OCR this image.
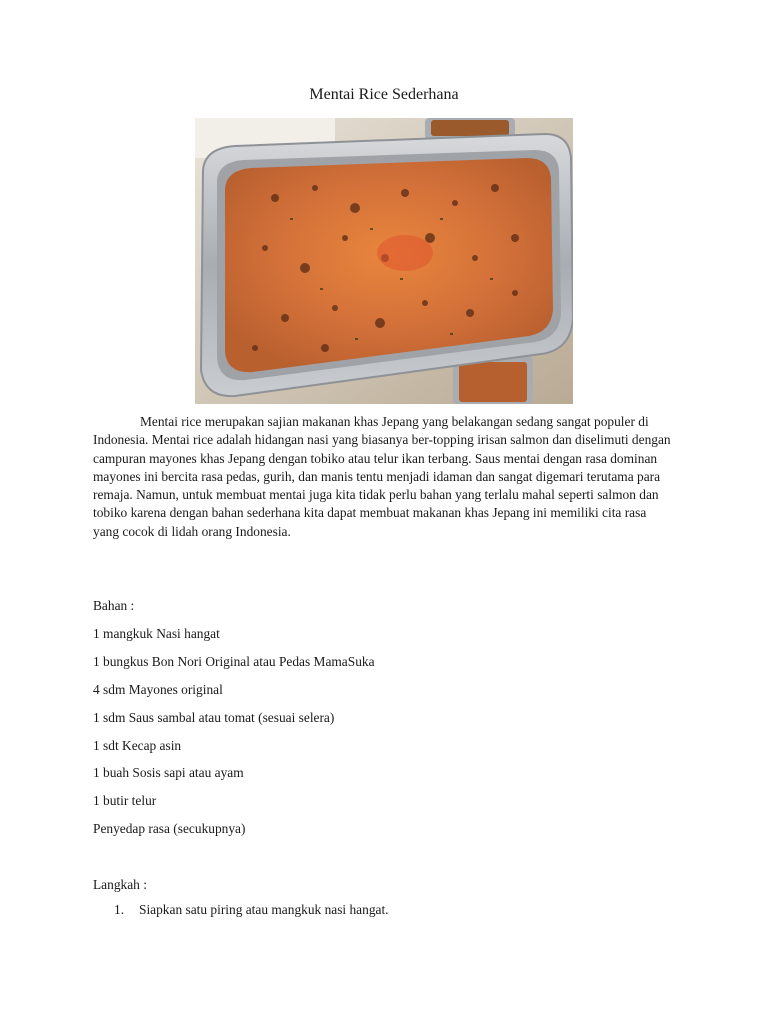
Mentai Rice Sederhana

Mentai rice merupakan sajian makanan khas Jepang yang belakangan sedang sangat populer di Indonesia. Mentai rice adalah hidangan nasi yang biasanya ber-topping irisan salmon dan diselimuti dengan campuran mayones khas Jepang dengan tobiko atau telur ikan terbang. Saus mentai dengan rasa dominan mayones ini bercita rasa pedas, gurih, dan manis tentu menjadi idaman dan sangat digemari terutama para remaja. Namun, untuk membuat mentai juga kita tidak perlu bahan yang terlalu mahal seperti salmon dan tobiko karena dengan bahan sederhana kita dapat membuat makanan khas Jepang ini memiliki cita rasa yang cocok di lidah orang Indonesia.

Bahan :

1 mangkuk Nasi hangat

1 bungkus Bon Nori Original atau Pedas MamaSuka

4 sdm Mayones original

1 sdm Saus sambal atau tomat (sesuai selera)

1 sdt Kecap asin

1 buah Sosis sapi atau ayam

1 butir telur

Penyedap rasa (secukupnya)

Langkah :

1. Siapkan satu piring atau mangkuk nasi hangat.
